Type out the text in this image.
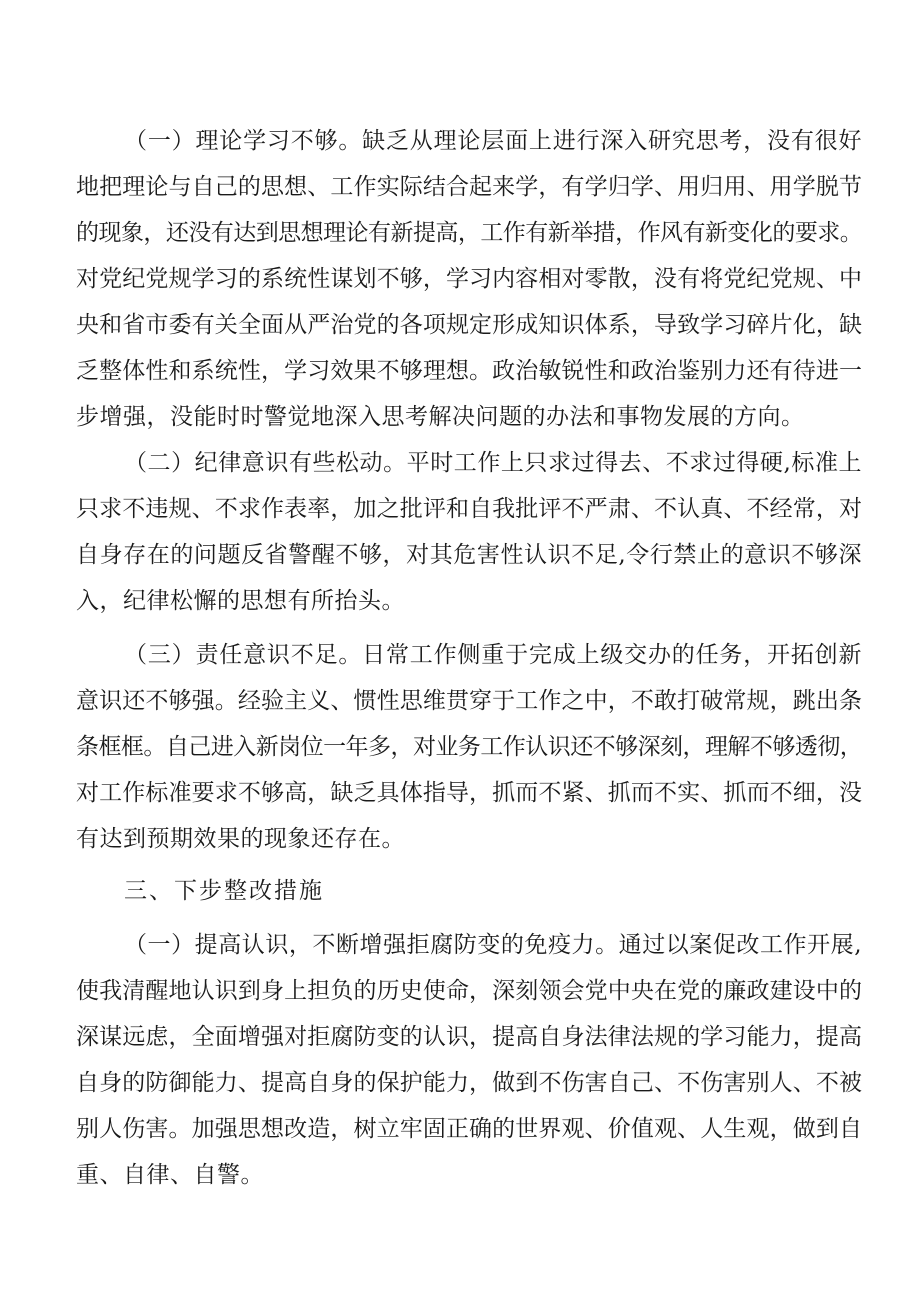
（一）理论学习不够。缺乏从理论层面上进行深入研究思考，没有很好
地把理论与自己的思想、工作实际结合起来学，有学归学、用归用、用学脱节
的现象，还没有达到思想理论有新提高，工作有新举措，作风有新变化的要求。
对党纪党规学习的系统性谋划不够，学习内容相对零散，没有将党纪党规、中
央和省市委有关全面从严治党的各项规定形成知识体系，导致学习碎片化，缺
乏整体性和系统性，学习效果不够理想。政治敏锐性和政治鉴别力还有待进一
步增强，没能时时警觉地深入思考解决问题的办法和事物发展的方向。
（二）纪律意识有些松动。平时工作上只求过得去、不求过得硬,标准上
只求不违规、不求作表率，加之批评和自我批评不严肃、不认真、不经常，对
自身存在的问题反省警醒不够，对其危害性认识不足,令行禁止的意识不够深
入，纪律松懈的思想有所抬头。
（三）责任意识不足。日常工作侧重于完成上级交办的任务，开拓创新
意识还不够强。经验主义、惯性思维贯穿于工作之中，不敢打破常规，跳出条
条框框。自己进入新岗位一年多，对业务工作认识还不够深刻，理解不够透彻，
对工作标准要求不够高，缺乏具体指导，抓而不紧、抓而不实、抓而不细，没
有达到预期效果的现象还存在。
三、下步整改措施
（一）提高认识，不断增强拒腐防变的免疫力。通过以案促改工作开展,
使我清醒地认识到身上担负的历史使命，深刻领会党中央在党的廉政建设中的
深谋远虑，全面增强对拒腐防变的认识，提高自身法律法规的学习能力，提高
自身的防御能力、提高自身的保护能力，做到不伤害自己、不伤害别人、不被
别人伤害。加强思想改造，树立牢固正确的世界观、价值观、人生观，做到自
重、自律、自警。
